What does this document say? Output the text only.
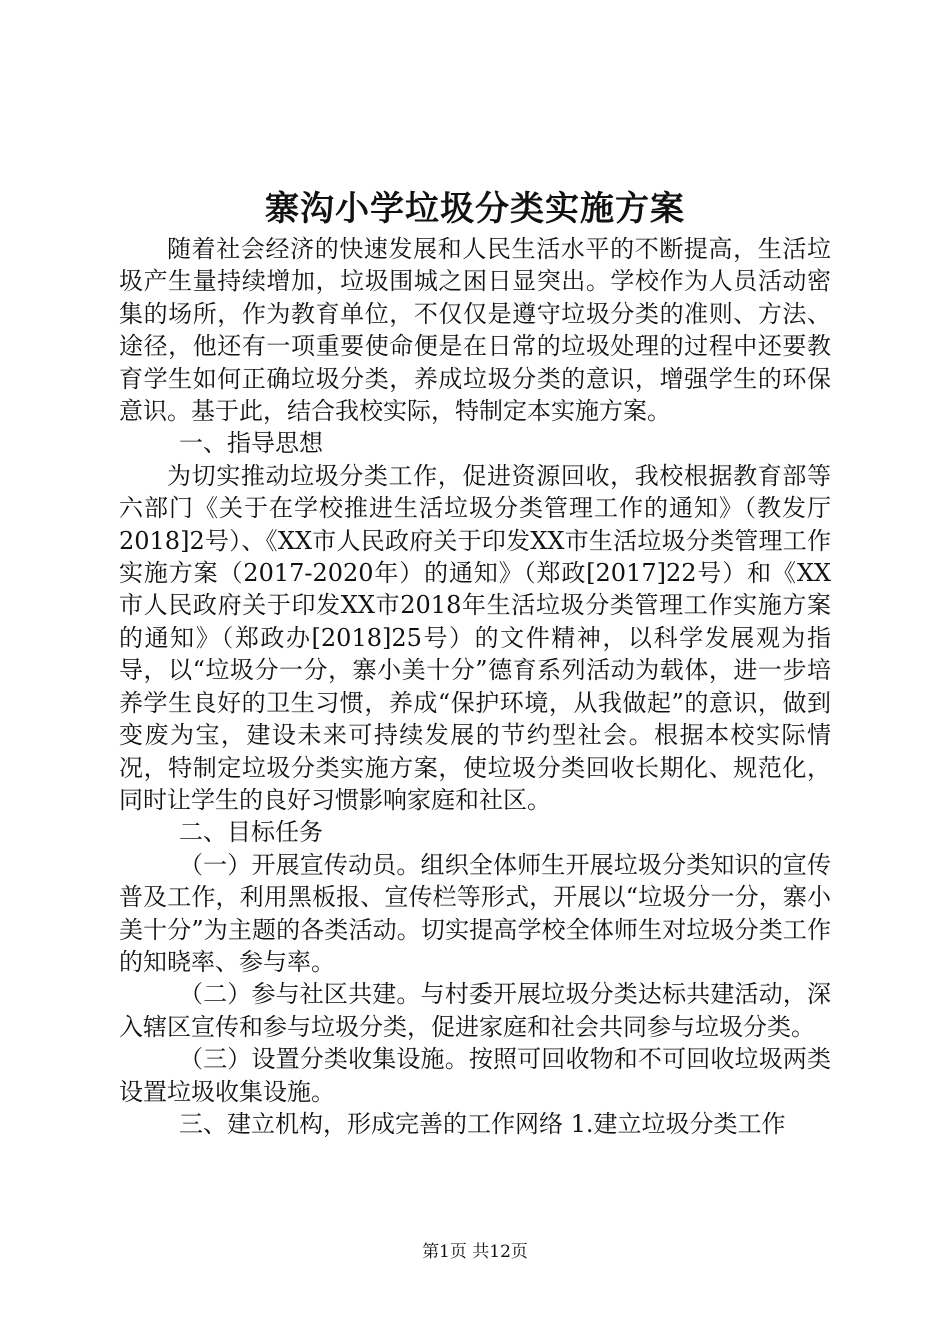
寨沟小学垃圾分类实施方案

随着社会经济的快速发展和人民生活水平的不断提高，生活垃圾产生量持续增加，垃圾围城之困日显突出。学校作为人员活动密集的场所，作为教育单位，不仅仅是遵守垃圾分类的准则、方法、途径，他还有一项重要使命便是在日常的垃圾处理的过程中还要教育学生如何正确垃圾分类，养成垃圾分类的意识，增强学生的环保意识。基于此，结合我校实际，特制定本实施方案。

一、指导思想

为切实推动垃圾分类工作，促进资源回收，我校根据教育部等六部门《关于在学校推进生活垃圾分类管理工作的通知》（教发厅2018]2号）、《XX市人民政府关于印发XX市生活垃圾分类管理工作实施方案（2017-2020年）的通知》（郑政[2017]22号）和《XX市人民政府关于印发XX市2018年生活垃圾分类管理工作实施方案的通知》（郑政办[2018]25号）的文件精神，以科学发展观为指导，以“垃圾分一分，寨小美十分”德育系列活动为载体，进一步培养学生良好的卫生习惯，养成“保护环境，从我做起”的意识，做到变废为宝，建设未来可持续发展的节约型社会。根据本校实际情况，特制定垃圾分类实施方案，使垃圾分类回收长期化、规范化，同时让学生的良好习惯影响家庭和社区。

二、目标任务

（一）开展宣传动员。组织全体师生开展垃圾分类知识的宣传普及工作，利用黑板报、宣传栏等形式，开展以“垃圾分一分，寨小美十分”为主题的各类活动。切实提高学校全体师生对垃圾分类工作的知晓率、参与率。

（二）参与社区共建。与村委开展垃圾分类达标共建活动，深入辖区宣传和参与垃圾分类，促进家庭和社会共同参与垃圾分类。

（三）设置分类收集设施。按照可回收物和不可回收垃圾两类设置垃圾收集设施。

三、建立机构，形成完善的工作网络 1.建立垃圾分类工作

第1页 共12页
